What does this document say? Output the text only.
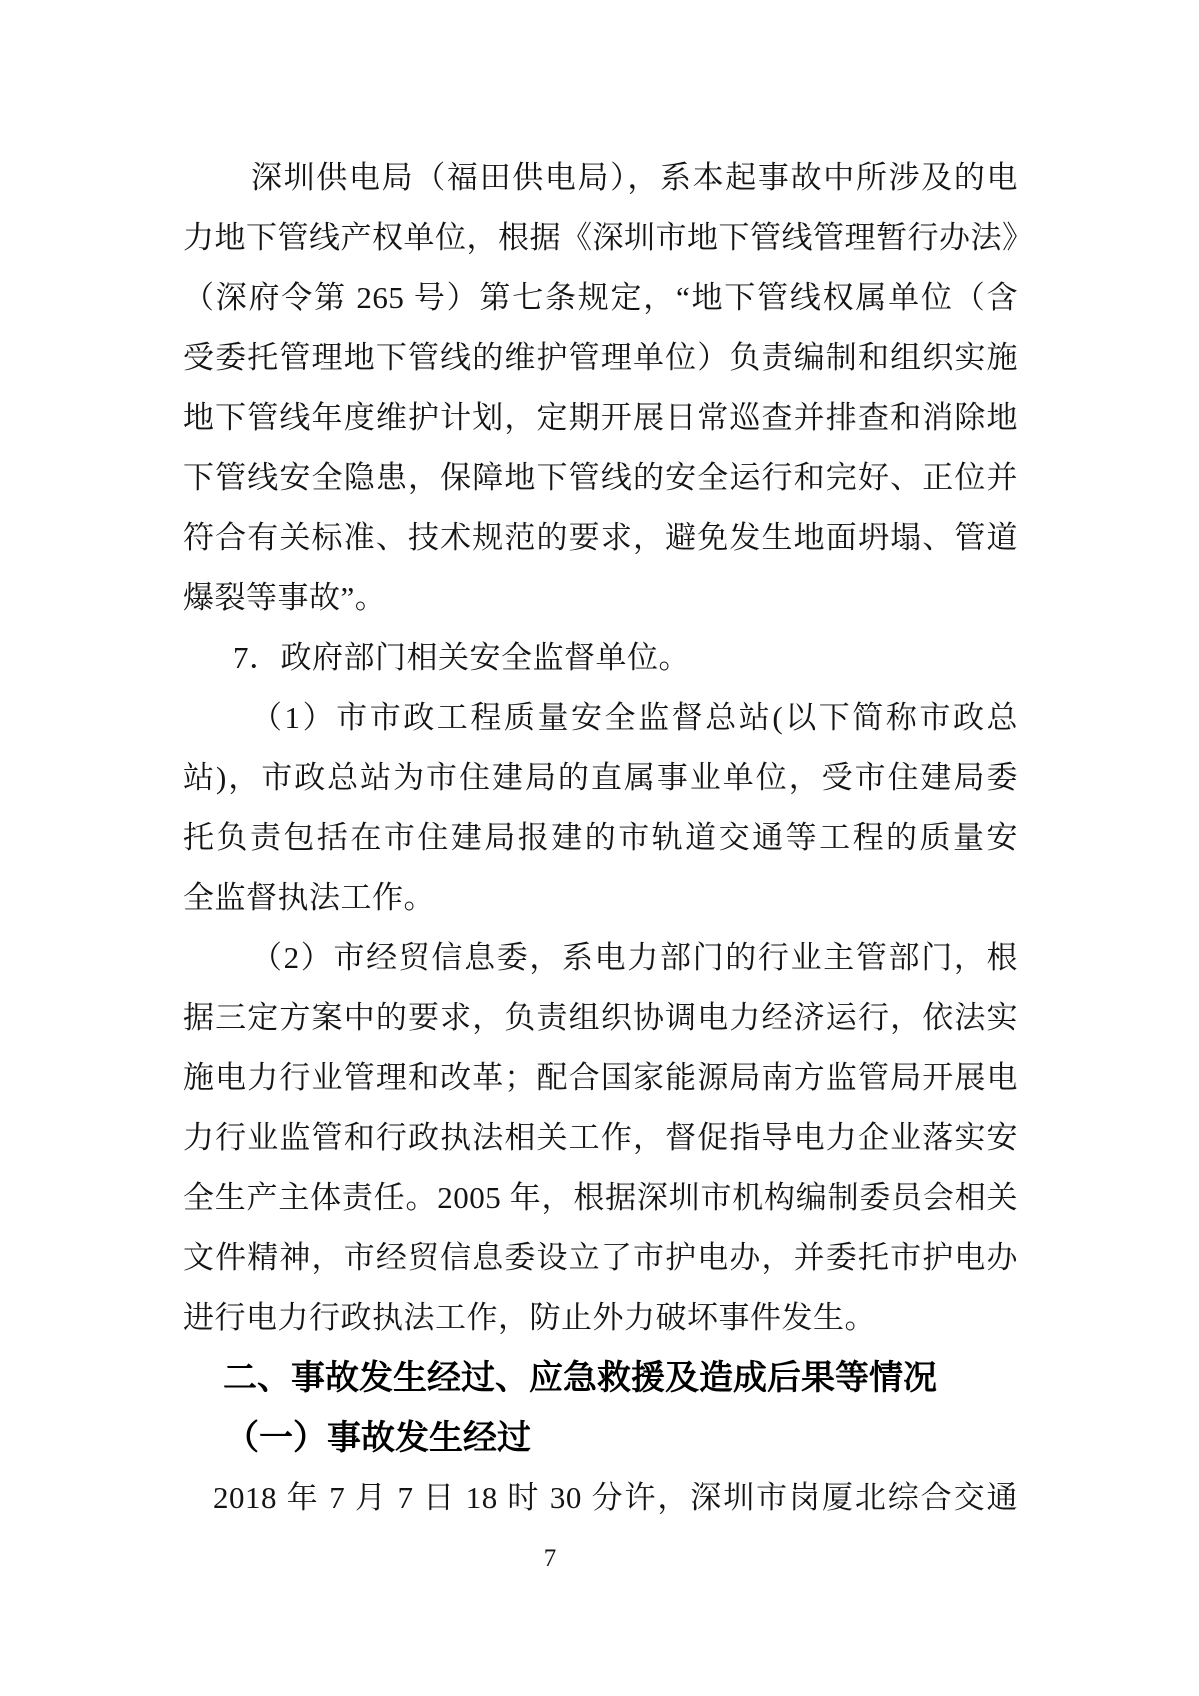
深圳供电局（福田供电局），系本起事故中所涉及的电
力地下管线产权单位，根据《深圳市地下管线管理暂行办法》
（深府令第 265 号）第七条规定，“地下管线权属单位（含
受委托管理地下管线的维护管理单位）负责编制和组织实施
地下管线年度维护计划，定期开展日常巡查并排查和消除地
下管线安全隐患，保障地下管线的安全运行和完好、正位并
符合有关标准、技术规范的要求，避免发生地面坍塌、管道
爆裂等事故”。
7．政府部门相关安全监督单位。
（1）市市政工程质量安全监督总站(以下简称市政总
站)，市政总站为市住建局的直属事业单位，受市住建局委
托负责包括在市住建局报建的市轨道交通等工程的质量安
全监督执法工作。
（2）市经贸信息委，系电力部门的行业主管部门，根
据三定方案中的要求，负责组织协调电力经济运行，依法实
施电力行业管理和改革；配合国家能源局南方监管局开展电
力行业监管和行政执法相关工作，督促指导电力企业落实安
全生产主体责任。2005 年，根据深圳市机构编制委员会相关
文件精神，市经贸信息委设立了市护电办，并委托市护电办
进行电力行政执法工作，防止外力破坏事件发生。
二、事故发生经过、应急救援及造成后果等情况
（一）事故发生经过
2018 年 7 月 7 日 18 时 30 分许，深圳市岗厦北综合交通
7
